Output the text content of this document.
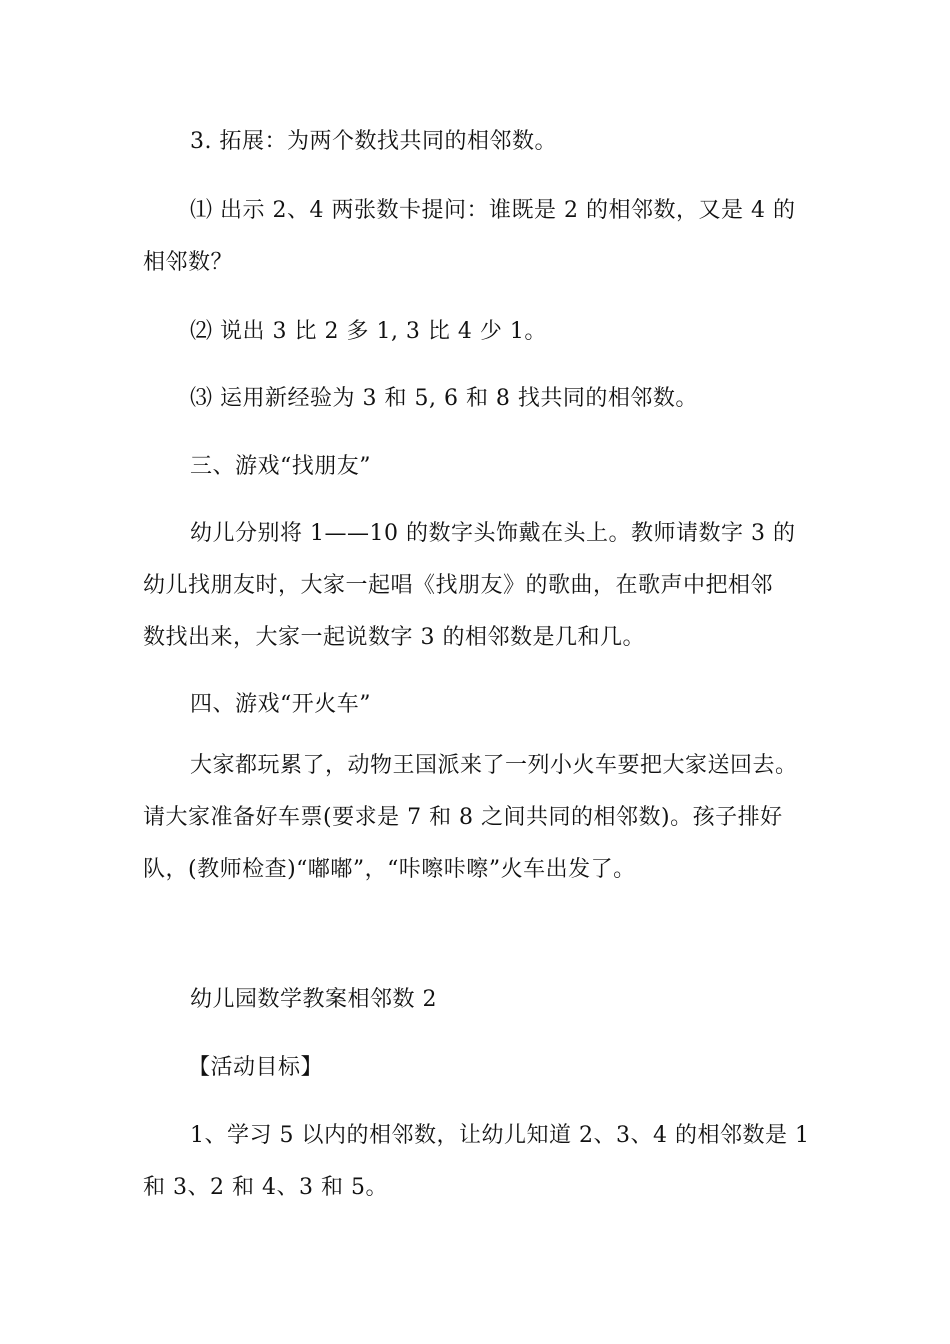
3. 拓展：为两个数找共同的相邻数。
⑴ 出示 2、4 两张数卡提问：谁既是 2 的相邻数，又是 4 的
相邻数？
⑵ 说出 3 比 2 多 1, 3 比 4 少 1。
⑶ 运用新经验为 3 和 5, 6 和 8 找共同的相邻数。
三、游戏“找朋友”
幼儿分别将 1——10 的数字头饰戴在头上。教师请数字 3 的
幼儿找朋友时，大家一起唱《找朋友》的歌曲，在歌声中把相邻
数找出来，大家一起说数字 3 的相邻数是几和几。
四、游戏“开火车”
大家都玩累了，动物王国派来了一列小火车要把大家送回去。
请大家准备好车票(要求是 7 和 8 之间共同的相邻数)。孩子排好
队，(教师检查)“嘟嘟”，“咔嚓咔嚓”火车出发了。
幼儿园数学教案相邻数 2
【活动目标】
1、学习 5 以内的相邻数，让幼儿知道 2、3、4 的相邻数是 1
和 3、2 和 4、3 和 5。
